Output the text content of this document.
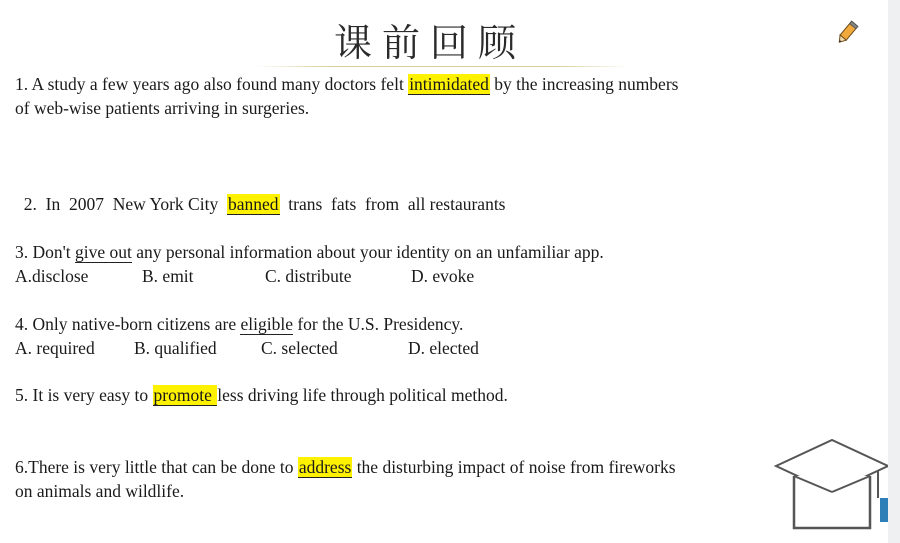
课前回顾
1. A study a few years ago also found many doctors felt intimidated by the increasing numbers
of web-wise patients arriving in surgeries.

2.  In  2007  New York City  banned  trans  fats  from  all restaurants

3. Don't give out any personal information about your identity on an unfamiliar app.
A.disclose	B. emit	C. distribute	D. evoke
4. Only native-born citizens are eligible for the U.S. Presidency.
A. required B. qualified	C. selected	D. elected
5. It is very easy to promote less driving life through political method.
6.There is very little that can be done to address the disturbing impact of noise from fireworks
on animals and wildlife.
